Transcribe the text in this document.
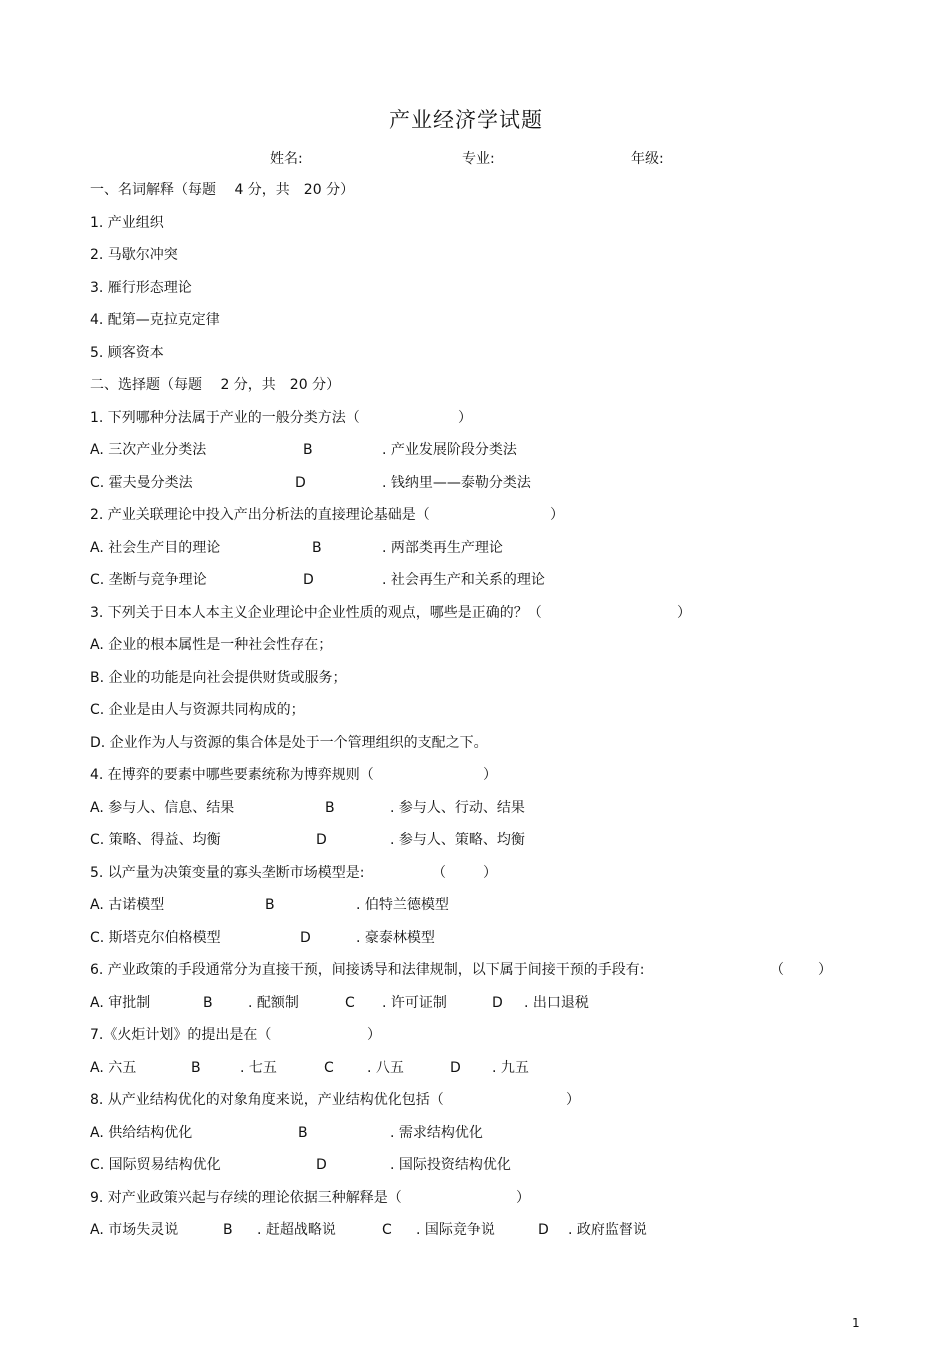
产业经济学试题
姓名:	专业:	年级:
一、名词解释（每题　 4 分，共　20 分）
1. 产业组织
2. 马歇尔冲突
3. 雁行形态理论
4. 配第—克拉克定律
5. 顾客资本
二、选择题（每题　 2 分，共　20 分）
1. 下列哪种分法属于产业的一般分类方法（	）
A. 三次产业分类法	B	. 产业发展阶段分类法
C. 霍夫曼分类法	D	. 钱纳里——泰勒分类法
2. 产业关联理论中投入产出分析法的直接理论基础是（	）
A. 社会生产目的理论	B	. 两部类再生产理论
C. 垄断与竞争理论	D	. 社会再生产和关系的理论
3. 下列关于日本人本主义企业理论中企业性质的观点，哪些是正确的？（	）
A. 企业的根本属性是一种社会性存在；
B. 企业的功能是向社会提供财货或服务；
C. 企业是由人与资源共同构成的；
D. 企业作为人与资源的集合体是处于一个管理组织的支配之下。
4. 在博弈的要素中哪些要素统称为博弈规则（	）
A. 参与人、信息、结果	B	. 参与人、行动、结果
C. 策略、得益、均衡	D	. 参与人、策略、均衡
5. 以产量为决策变量的寡头垄断市场模型是:	（	）
A. 古诺模型	B	. 伯特兰德模型
C. 斯塔克尔伯格模型	D	. 豪泰林模型
6. 产业政策的手段通常分为直接干预，间接诱导和法律规制，以下属于间接干预的手段有:	（ ）
A. 审批制	B	. 配额制	C . 许可证制	D . 出口退税
7.《火炬计划》的提出是在（	）
A. 六五	B	. 七五	C . 八五	D . 九五
8. 从产业结构优化的对象角度来说，产业结构优化包括（	）
A. 供给结构优化	B	. 需求结构优化
C. 国际贸易结构优化	D	. 国际投资结构优化
9. 对产业政策兴起与存续的理论依据三种解释是（	）
A. 市场失灵说	B . 赶超战略说	C . 国际竞争说	D . 政府监督说
1
